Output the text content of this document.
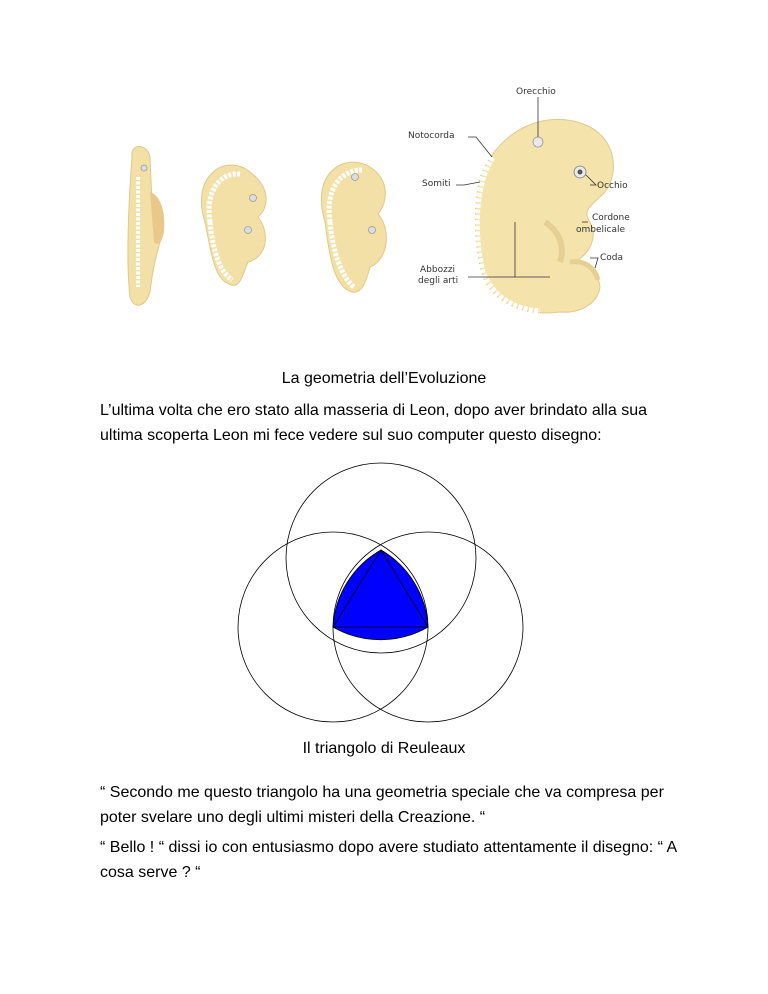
Orecchio
Notocorda
Somiti	Occhio
Cordone
ombelicale
Coda
Abbozzi
degli arti
La geometria dell’Evoluzione
L’ultima volta che ero stato alla masseria di Leon, dopo aver brindato alla sua ultima scoperta Leon mi fece vedere sul suo computer questo disegno:
Il triangolo di Reuleaux
“ Secondo me questo triangolo ha una geometria speciale che va compresa per poter svelare uno degli ultimi misteri della Creazione. “
“ Bello ! “ dissi io con entusiasmo dopo avere studiato attentamente il disegno: “ A cosa serve ? “
